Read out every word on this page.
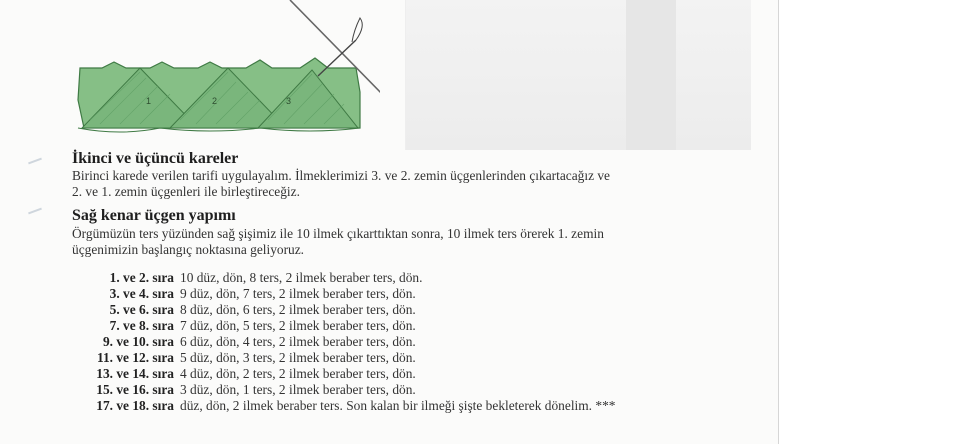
1	2	3
İkinci ve üçüncü kareler
Birinci karede verilen tarifi uygulayalım. İlmeklerimizi 3. ve 2. zemin üçgenlerinden çıkartacağız ve
2. ve 1. zemin üçgenleri ile birleştireceğiz.
Sağ kenar üçgen yapımı
Örgümüzün ters yüzünden sağ şişimiz ile 10 ilmek çıkarttıktan sonra, 10 ilmek ters örerek 1. zemin
üçgenimizin başlangıç noktasına geliyoruz.
1. ve 2. sıra 10 düz, dön, 8 ters, 2 ilmek beraber ters, dön.
3. ve 4. sıra 9 düz, dön, 7 ters, 2 ilmek beraber ters, dön.
5. ve 6. sıra 8 düz, dön, 6 ters, 2 ilmek beraber ters, dön.
7. ve 8. sıra 7 düz, dön, 5 ters, 2 ilmek beraber ters, dön.
9. ve 10. sıra 6 düz, dön, 4 ters, 2 ilmek beraber ters, dön.
11. ve 12. sıra 5 düz, dön, 3 ters, 2 ilmek beraber ters, dön.
13. ve 14. sıra 4 düz, dön, 2 ters, 2 ilmek beraber ters, dön.
15. ve 16. sıra 3 düz, dön, 1 ters, 2 ilmek beraber ters, dön.
17. ve 18. sıra düz, dön, 2 ilmek beraber ters. Son kalan bir ilmeği şişte bekleterek dönelim. ***
